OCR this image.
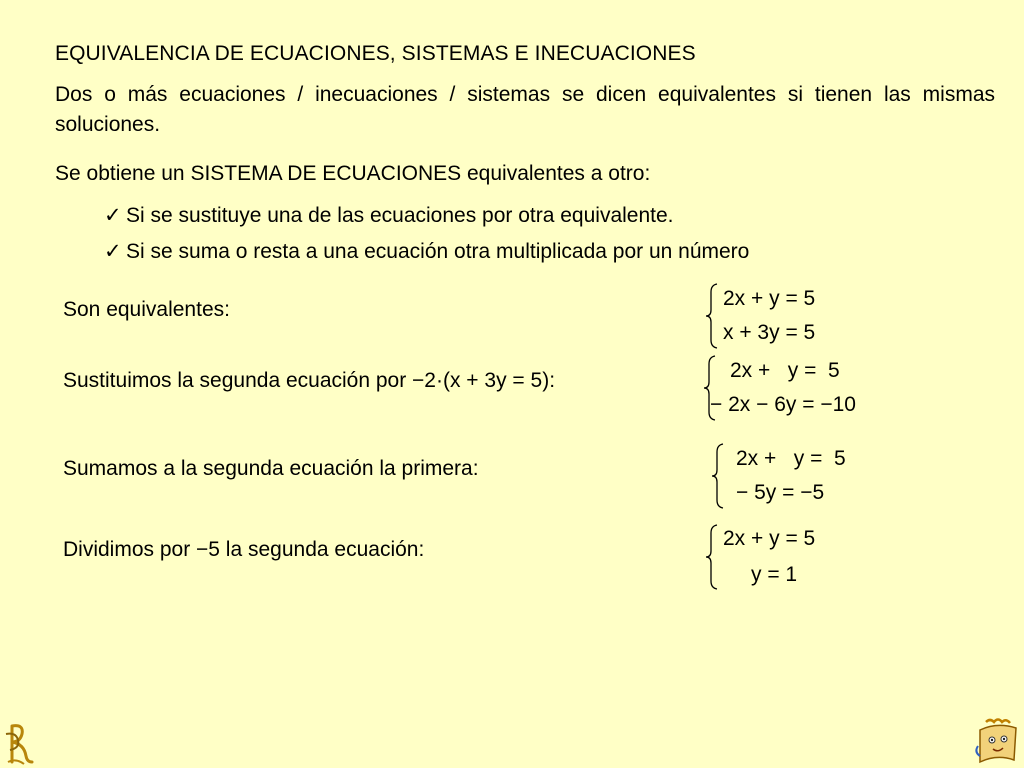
EQUIVALENCIA DE ECUACIONES, SISTEMAS E INECUACIONES
Dos o más ecuaciones / inecuaciones / sistemas se dicen equivalentes si tienen las mismas soluciones.
Se obtiene un SISTEMA DE ECUACIONES equivalentes a otro:
✓ Si se sustituye una de las ecuaciones por otra equivalente.
✓ Si se suma o resta a una ecuación otra multiplicada por un número
Son equivalentes:	2x + y = 5
x + 3y = 5
Sustituimos la segunda ecuación por −2·(x + 3y = 5):	2x +   y =  5
− 2x − 6y = −10
Sumamos a la segunda ecuación la primera:	2x +   y =  5
− 5y = −5
Dividimos por −5 la segunda ecuación:	2x + y = 5
y = 1
